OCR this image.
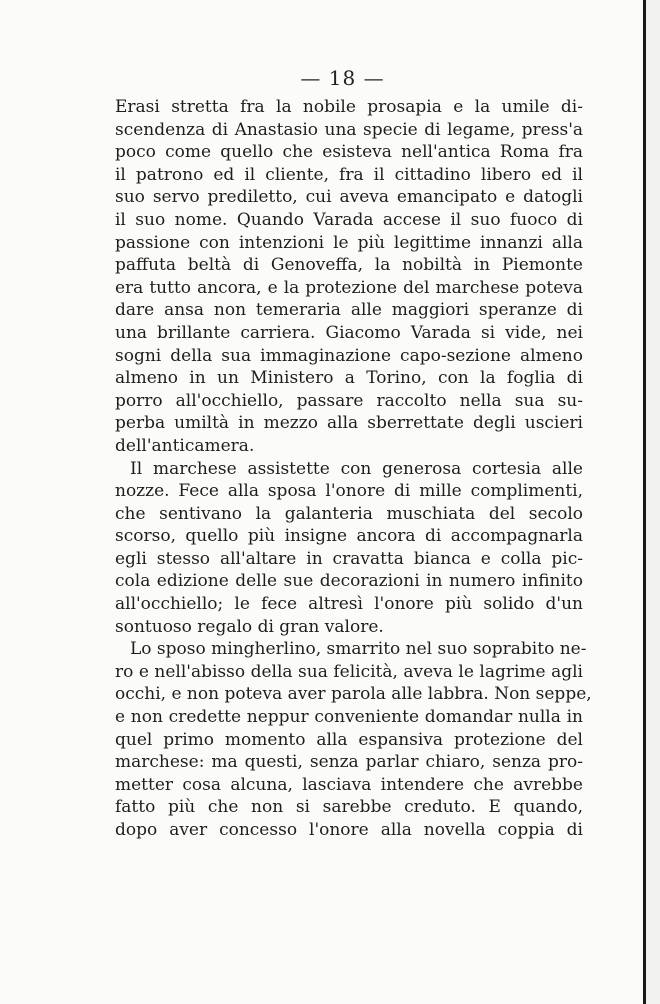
— 18 —
Erasi stretta fra la nobile prosapia e la umile di-
scendenza di Anastasio una specie di legame, press'a
poco come quello che esisteva nell'antica Roma fra
il patrono ed il cliente, fra il cittadino libero ed il
suo servo prediletto, cui aveva emancipato e datogli
il suo nome. Quando Varada accese il suo fuoco di
passione con intenzioni le più legittime innanzi alla
paffuta beltà di Genoveffa, la nobiltà in Piemonte
era tutto ancora, e la protezione del marchese poteva
dare ansa non temeraria alle maggiori speranze di
una brillante carriera. Giacomo Varada si vide, nei
sogni della sua immaginazione capo-sezione almeno
almeno in un Ministero a Torino, con la foglia di
porro all'occhiello, passare raccolto nella sua su-
perba umiltà in mezzo alla sberrettate degli uscieri
dell'anticamera.
Il marchese assistette con generosa cortesia alle
nozze. Fece alla sposa l'onore di mille complimenti,
che sentivano la galanteria muschiata del secolo
scorso, quello più insigne ancora di accompagnarla
egli stesso all'altare in cravatta bianca e colla pic-
cola edizione delle sue decorazioni in numero infinito
all'occhiello; le fece altresì l'onore più solido d'un
sontuoso regalo di gran valore.
Lo sposo mingherlino, smarrito nel suo soprabito ne-
ro e nell'abisso della sua felicità, aveva le lagrime agli
occhi, e non poteva aver parola alle labbra. Non seppe,
e non credette neppur conveniente domandar nulla in
quel primo momento alla espansiva protezione del
marchese: ma questi, senza parlar chiaro, senza pro-
metter cosa alcuna, lasciava intendere che avrebbe
fatto più che non si sarebbe creduto. E quando,
dopo aver concesso l'onore alla novella coppia di
